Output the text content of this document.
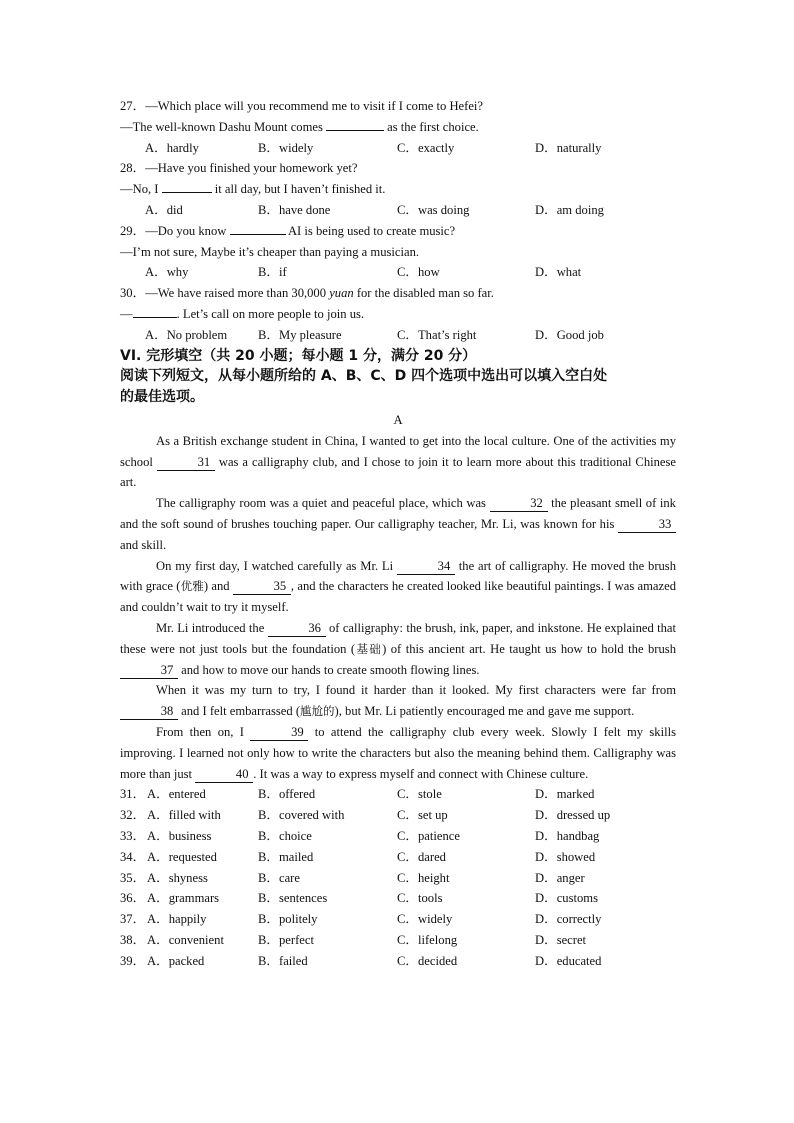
27．—Which place will you recommend me to visit if I come to Hefei?
—The well-known Dashu Mount comes	as the first choice.
A．hardly	B．widely	C．exactly	D．naturally
28．—Have you finished your homework yet?
—No, I	it all day, but I haven’t finished it.
A．did	B．have done	C．was doing	D．am doing
29．—Do you know	AI is being used to create music?
—I’m not sure, Maybe it’s cheaper than paying a musician.
A．why	B．if	C．how	D．what
30．—We have raised more than 30,000 yuan for the disabled man so far.
—	. Let’s call on more people to join us.
A．No problem B．My pleasure	C．That’s right	D．Good job
VI. 完形填空（共 20 小题；每小题 1 分，满分 20 分）
阅读下列短文，从每小题所给的 A、B、C、D 四个选项中选出可以填入空白处
的最佳选项。
A
As a British exchange student in China, I wanted to get into the local culture. One of the activities my school	31 was a calligraphy club, and I chose to join it to learn more about this traditional Chinese art.
The calligraphy room was a quiet and peaceful place, which was	32 the pleasant smell of ink and the soft sound of brushes touching paper. Our calligraphy teacher, Mr. Li, was known for his	33 and skill.
On my first day, I watched carefully as Mr. Li	34 the art of calligraphy. He moved the brush with grace (优雅) and	35 , and the characters he created looked like beautiful paintings. I was amazed and couldn’t wait to try it myself.
Mr. Li introduced the	36 of calligraphy: the brush, ink, paper, and inkstone. He explained that these were not just tools but the foundation (基础) of this ancient art. He taught us how to hold the brush 37 and how to move our hands to create smooth flowing lines.
When it was my turn to try, I found it harder than it looked. My first characters were far from 38 and I felt embarrassed (尴尬的), but Mr. Li patiently encouraged me and gave me support.
From then on, I	39 to attend the calligraphy club every week. Slowly I felt my skills improving. I learned not only how to write the characters but also the meaning behind them. Calligraphy was more than just	40 . It was a way to express myself and connect with Chinese culture.
31． A．entered	B．offered	C．stole	D．marked
32． A．filled with	B．covered with	C．set up	D．dressed up
33． A．business	B．choice	C．patience	D．handbag
34． A．requested	B．mailed	C．dared	D．showed
35． A．shyness	B．care	C．height	D．anger
36． A．grammars	B．sentences	C．tools	D．customs
37． A．happily	B．politely	C．widely	D．correctly
38． A．convenient	B．perfect	C．lifelong	D．secret
39． A．packed	B．failed	C．decided	D．educated
